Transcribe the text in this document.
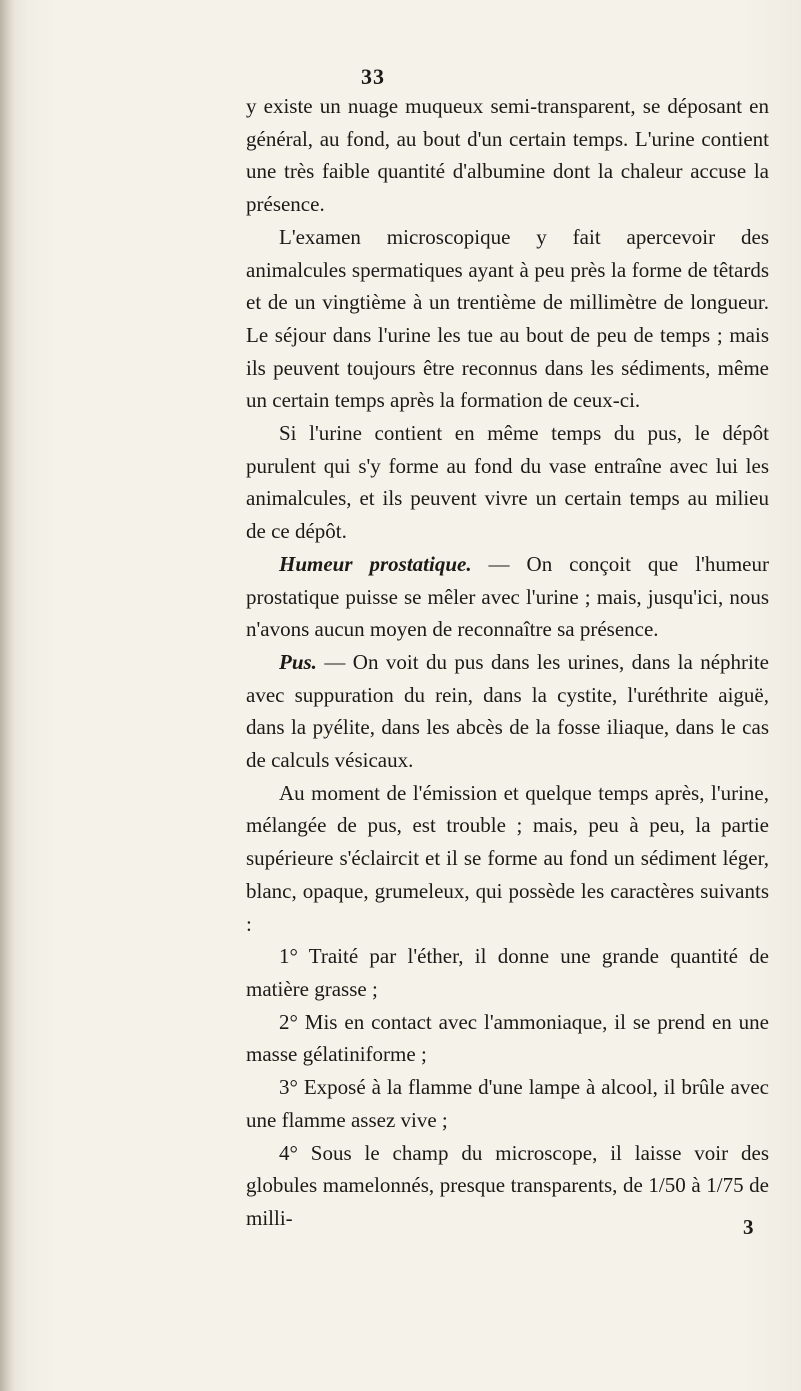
33

y existe un nuage muqueux semi-transparent, se déposant en général, au fond, au bout d'un certain temps. L'urine contient une très faible quantité d'albumine dont la chaleur accuse la présence.

L'examen microscopique y fait apercevoir des animalcules spermatiques ayant à peu près la forme de têtards et de un vingtième à un trentième de millimètre de longueur. Le séjour dans l'urine les tue au bout de peu de temps ; mais ils peuvent toujours être reconnus dans les sédiments, même un certain temps après la formation de ceux-ci.

Si l'urine contient en même temps du pus, le dépôt purulent qui s'y forme au fond du vase entraîne avec lui les animalcules, et ils peuvent vivre un certain temps au milieu de ce dépôt.

Humeur prostatique. — On conçoit que l'humeur prostatique puisse se mêler avec l'urine ; mais, jusqu'ici, nous n'avons aucun moyen de reconnaître sa présence.

Pus. — On voit du pus dans les urines, dans la néphrite avec suppuration du rein, dans la cystite, l'uréthrite aiguë, dans la pyélite, dans les abcès de la fosse iliaque, dans le cas de calculs vésicaux.

Au moment de l'émission et quelque temps après, l'urine, mélangée de pus, est trouble ; mais, peu à peu, la partie supérieure s'éclaircit et il se forme au fond un sédiment léger, blanc, opaque, grumeleux, qui possède les caractères suivants :

1° Traité par l'éther, il donne une grande quantité de matière grasse ;

2° Mis en contact avec l'ammoniaque, il se prend en une masse gélatiniforme ;

3° Exposé à la flamme d'une lampe à alcool, il brûle avec une flamme assez vive ;

4° Sous le champ du microscope, il laisse voir des globules mamelonnés, presque transparents, de 1/50 à 1/75 de milli-	3
